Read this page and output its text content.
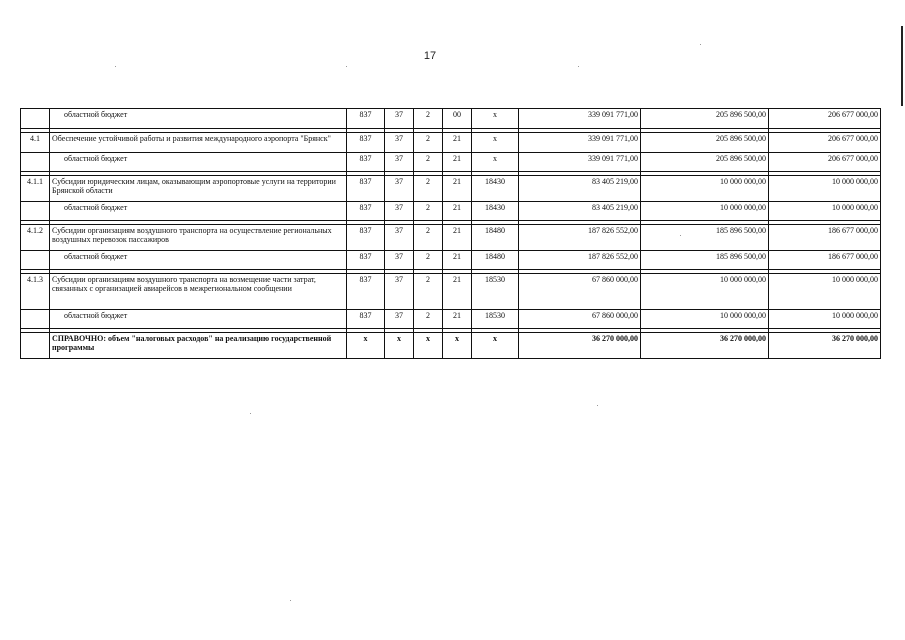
17
	областной бюджет	837	37	2	00	x	339 091 771,00	205 896 500,00	206 677 000,00

4.1	Обеспечение устойчивой работы и развития международного аэропорта "Брянск"	837	37	2	21	x	339 091 771,00	205 896 500,00	206 677 000,00
	областной бюджет	837	37	2	21	x	339 091 771,00	205 896 500,00	206 677 000,00

4.1.1	Субсидии юридическим лицам, оказывающим аэропортовые услуги на территории Брянской области	837	37	2	21	18430	83 405 219,00	10 000 000,00	10 000 000,00
	областной бюджет	837	37	2	21	18430	83 405 219,00	10 000 000,00	10 000 000,00

4.1.2	Субсидии организациям воздушного транспорта на осуществление региональных воздушных перевозок пассажиров	837	37	2	21	18480	187 826 552,00	185 896 500,00	186 677 000,00
	областной бюджет	837	37	2	21	18480	187 826 552,00	185 896 500,00	186 677 000,00

4.1.3	Субсидии организациям воздушного транспорта на возмещение части затрат, связанных с организацией авиарейсов в межрегиональном сообщении	837	37	2	21	18530	67 860 000,00	10 000 000,00	10 000 000,00
	областной бюджет	837	37	2	21	18530	67 860 000,00	10 000 000,00	10 000 000,00

	СПРАВОЧНО: объем "налоговых расходов" на реализацию государственной программы	x	x	x	x	x	36 270 000,00	36 270 000,00	36 270 000,00
